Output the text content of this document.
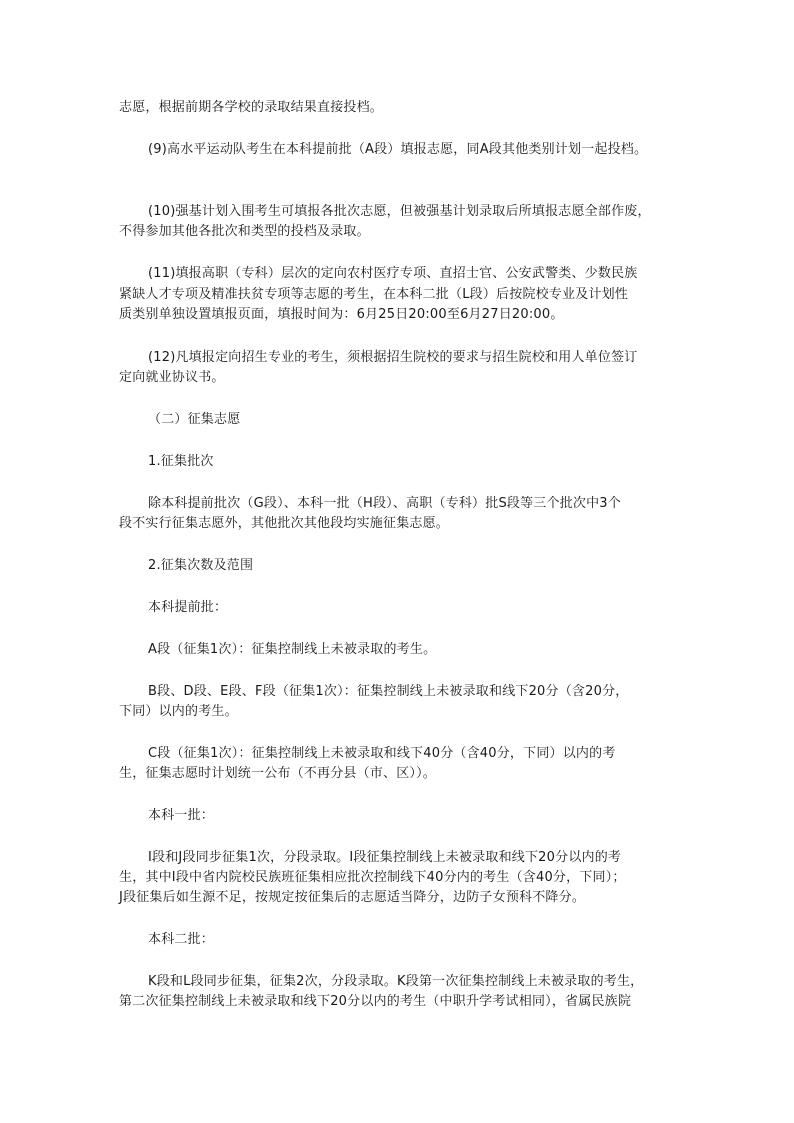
志愿，根据前期各学校的录取结果直接投档。
(9)高水平运动队考生在本科提前批（A段）填报志愿，同A段其他类别计划一起投档。
(10)强基计划入围考生可填报各批次志愿，但被强基计划录取后所填报志愿全部作废，
不得参加其他各批次和类型的投档及录取。
(11)填报高职（专科）层次的定向农村医疗专项、直招士官、公安武警类、少数民族
紧缺人才专项及精准扶贫专项等志愿的考生，在本科二批（L段）后按院校专业及计划性
质类别单独设置填报页面，填报时间为：6月25日20:00至6月27日20:00。
(12)凡填报定向招生专业的考生，须根据招生院校的要求与招生院校和用人单位签订
定向就业协议书。
（二）征集志愿
1.征集批次
除本科提前批次（G段）、本科一批（H段）、高职（专科）批S段等三个批次中3个
段不实行征集志愿外，其他批次其他段均实施征集志愿。
2.征集次数及范围
本科提前批：
A段（征集1次）：征集控制线上未被录取的考生。
B段、D段、E段、F段（征集1次）：征集控制线上未被录取和线下20分（含20分，
下同）以内的考生。
C段（征集1次）：征集控制线上未被录取和线下40分（含40分，下同）以内的考
生，征集志愿时计划统一公布（不再分县（市、区））。
本科一批：
I段和J段同步征集1次，分段录取。I段征集控制线上未被录取和线下20分以内的考
生，其中I段中省内院校民族班征集相应批次控制线下40分内的考生（含40分，下同）；
J段征集后如生源不足，按规定按征集后的志愿适当降分，边防子女预科不降分。
本科二批：
K段和L段同步征集，征集2次，分段录取。K段第一次征集控制线上未被录取的考生，
第二次征集控制线上未被录取和线下20分以内的考生（中职升学考试相同），省属民族院
